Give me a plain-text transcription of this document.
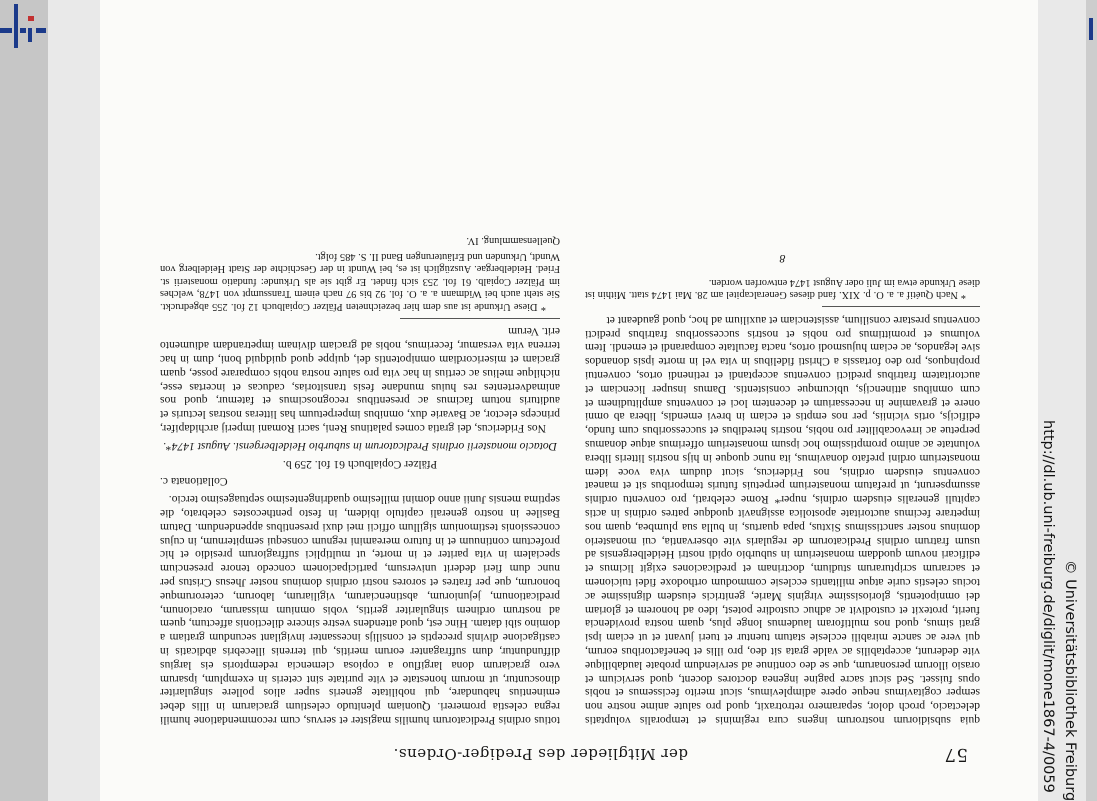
57
der Mitglieder des Prediger-Ordens.

quia subsidiorum nostrorum ingens cura regiminis et temporalis voluptatis delectacio, proch dolor, separamero retrotraxit, quod pro salute anime nostre non semper cogitavimus neque opere adimplevimus, sicut merito fecissemus et nobis opus fuisset. Sed sicut sacre pagine ingenea doctores docent, quod servicium et orasio illorum personarum, que se deo continue ad serviendum probate laudabilique vite dederunt, acceptabilis ac valde grata sit deo, pro illis et benefactoribus eorum, qui vere ac sancte mirabili ecclesie statum tuentur et tueri juvant et ut eciam ipsi grati simus, quod nos multiforam laudemus longe plus, quam nostra providencia fuerit, protexit et custodivit ac adhuc custodire potest, ideo ad honorem et gloriam dei omnipotentis, gloriosissime virginis Marie, genitricis eiusdem dignissime ac tocius celestis curie atque militantis ecclesie commodum orthodoxe fidei tuicionem et sacrarum scripturarum studium, doctrinam et predicaciones exigit licimus et edificari novum quoddam monasterium in suburbio opidi nostri Heidelbergensis ad usum fratrum ordinis Predicatorum de regularis vite observantia, cui monasterio dominus noster sanctissimus Sixtus, papa quartus, in bulla sua plumbea, quam nos impetrare fecimus auctoritate apostolica assignavit quodque patres ordinis in actis capituli generalis eiusdem ordinis, nuper* Rome celebrati, pro conventu ordinis assumpserunt, ut prefatum monasterium perpetuis futuris temporibus sit et maneat conventus eiusdem ordinis, nos Fridericus, sicut dudum viva voce idem monasterium ordini prefato donavimus, ita nunc quoque in hijs nostris litteris libera voluntate ac animo promptissimo hoc ipsum monasterium offerimus atque donamus perpetue ac irrevocabiliter pro nobis, nostris heredibus et successoribus cum fundo, edificijs, ortis viciniis, per nos emptis et eciam in brevi emendis, libera ab omni onere et gravamine in necessarium et decentem loci et conventus amplitudinem et cum omnibus attinencijs, ubicumque consistentis. Damus insuper licenciam et auctoritatem fratribus predicti conventus acceptandi et retinendi ortos, conventui propinquos, pro deo fortassis a Christi fidelibus in vita vel in morte ipsis donandos sive legandos, ac eciam hujusmodi ortos, nacta facultate comparandi et emendi. Item volumus et promittimus pro nobis et nostris successoribus fratribus predicti conventus prestare consilium, assistenciam et auxilium ad hoc, quod gaudeant et

* Nach Quétif a. a. O. p. XIX. fand dieses Generalcapitel am 28. Mai 1474 statt. Mithin ist diese Urkunde etwa im Juli oder August 1474 entworfen worden.

8

totius ordinis Predicatorum humilis magister et servus, cum recommendatione humili regna celestia promereri. Quoniam plenitudo celestium graciarum in illis debet eminentius habundare, qui nobilitate generis super alios pollere singulariter dinoscuntur, ut morum honestate et vite puritate sint ceteris in exemplum, ipsarum vero graciarum dona largifluo a copiosa clemencia redemptoris eis largius diffunduntur, dum suffraganter eorum meritis, qui terrenis illecebris abdicatis in castigacione divinis preceptis et consilijs incessanter invigilant secundum gratiam a domino sibi datam. Hinc est, quod attendens vestre sincere dilectionis affectum, quem ad nostrum ordinem singulariter geritis, vobis omnium missarum, oracionum, predicationum, jejuniorum, abstinenciarum, vigiliarum, laborum, ceterorumque bonorum, que per fratres et sorores nostri ordinis dominus noster Jhesus Cristus per nunc dum fieri dederit universum, participacionem concedo tenore presencium specialem in vita pariter et in morte, ut multiplici suffragiorum presidio et hic profectum continuum et in futuro mereamini regnum consequi sempiternum, in cujus concessionis testimonium sigillum officii mei duxi presentibus appendendum. Datum Basilee in nostro generali capitulo ibidem, in festo penthecostes celebrato, die septima mensis Junii anno domini millesimo quadringentesimo septuagesimo tercio.

Collationata c.

Pfälzer Copialbuch 61 fol. 259 b.

Dotacio monasterii ordinis Predicatorum in suburbio Heidelbergensi. August 1474*.

Nos Fridericus, dei gratia comes palatinus Reni, sacri Romani imperij archidapifer, princeps elector, ac Bavarie dux, omnibus imperpetuum has litteras nostras lecturis et audituris notum facimus ac presentibus recognoscimus et fatemur, quod nos animadvertentes res huius mundane fesis transitorias, caducas et incertas esse, nichilque melius ac certius in hac vita pro salute nostra nobis comparare posse, quam graciam et misericordiam omnipotentis dei, quippe quod quidquid boni, dum in hac terrena vita versamur, fecerimus, nobis ad graciam divinam impetrandam adiumento erit. Verum

* Diese Urkunde ist aus dem hier bezeichneten Pfälzer Copialbuch 12 fol. 255 abgedruckt. Sie steht auch bei Widmann a. a. O. fol. 92 bis 97 nach einem Transsumpt von 1478, welches im Pfälzer Copialb. 61 fol. 253 sich findet. Er gibt sie als Urkunde: fundatio monasterii st. Fried. Heidelbergae. Auszüglich ist es, bei Wundt in der Geschichte der Stadt Heidelberg von Wundt, Urkunden und Erläuterungen Band II. S. 485 folgt.

Quellensammlung. IV.

http://dl.ub.uni-freiburg.de/diglit/mone1867-4/0059 © Universitätsbibliothek Freiburg
